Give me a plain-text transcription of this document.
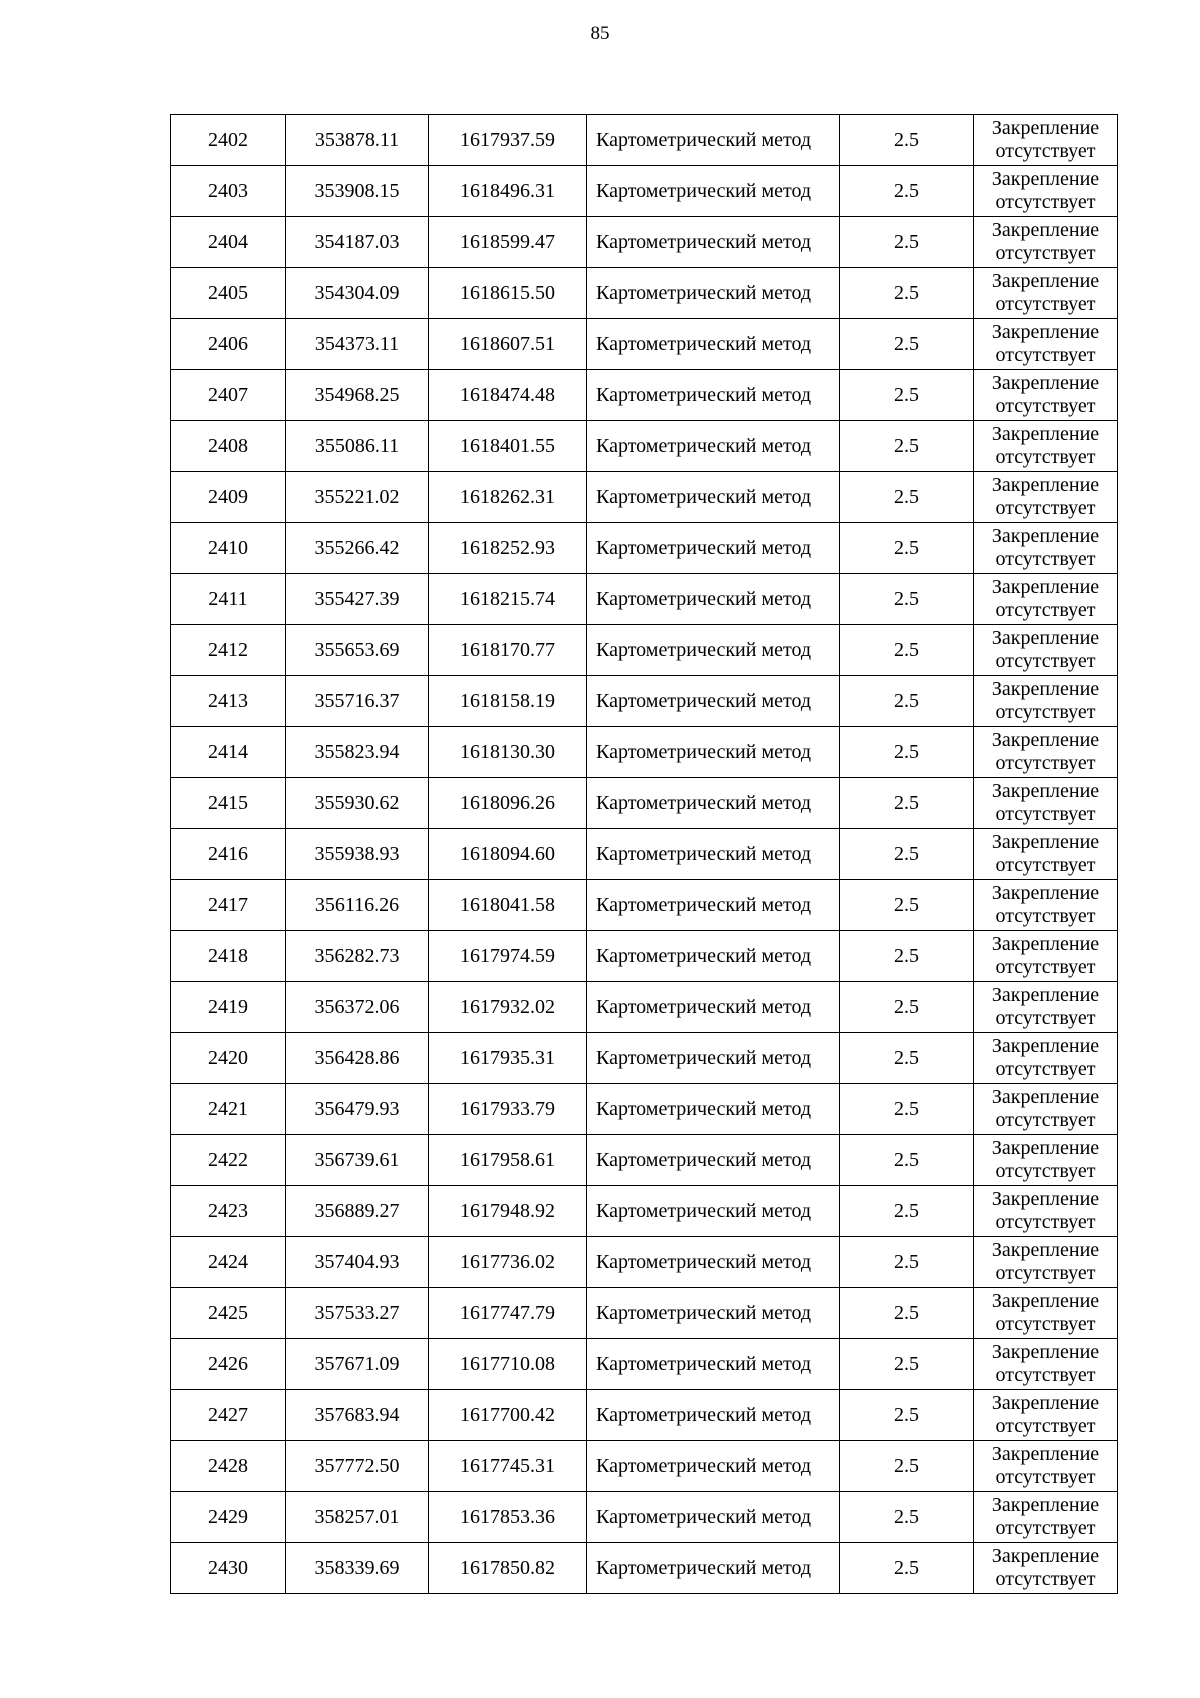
85
2402	353878.11	1617937.59	Картометрический метод	2.5	Закрепление
отсутствует

2403	353908.15	1618496.31	Картометрический метод	2.5	Закрепление
отсутствует

2404	354187.03	1618599.47	Картометрический метод	2.5	Закрепление
отсутствует

2405	354304.09	1618615.50	Картометрический метод	2.5	Закрепление
отсутствует

2406	354373.11	1618607.51	Картометрический метод	2.5	Закрепление
отсутствует

2407	354968.25	1618474.48	Картометрический метод	2.5	Закрепление
отсутствует

2408	355086.11	1618401.55	Картометрический метод	2.5	Закрепление
отсутствует

2409	355221.02	1618262.31	Картометрический метод	2.5	Закрепление
отсутствует

2410	355266.42	1618252.93	Картометрический метод	2.5	Закрепление
отсутствует

2411	355427.39	1618215.74	Картометрический метод	2.5	Закрепление
отсутствует

2412	355653.69	1618170.77	Картометрический метод	2.5	Закрепление
отсутствует

2413	355716.37	1618158.19	Картометрический метод	2.5	Закрепление
отсутствует

2414	355823.94	1618130.30	Картометрический метод	2.5	Закрепление
отсутствует

2415	355930.62	1618096.26	Картометрический метод	2.5	Закрепление
отсутствует

2416	355938.93	1618094.60	Картометрический метод	2.5	Закрепление
отсутствует

2417	356116.26	1618041.58	Картометрический метод	2.5	Закрепление
отсутствует

2418	356282.73	1617974.59	Картометрический метод	2.5	Закрепление
отсутствует

2419	356372.06	1617932.02	Картометрический метод	2.5	Закрепление
отсутствует

2420	356428.86	1617935.31	Картометрический метод	2.5	Закрепление
отсутствует

2421	356479.93	1617933.79	Картометрический метод	2.5	Закрепление
отсутствует

2422	356739.61	1617958.61	Картометрический метод	2.5	Закрепление
отсутствует

2423	356889.27	1617948.92	Картометрический метод	2.5	Закрепление
отсутствует

2424	357404.93	1617736.02	Картометрический метод	2.5	Закрепление
отсутствует

2425	357533.27	1617747.79	Картометрический метод	2.5	Закрепление
отсутствует

2426	357671.09	1617710.08	Картометрический метод	2.5	Закрепление
отсутствует

2427	357683.94	1617700.42	Картометрический метод	2.5	Закрепление
отсутствует

2428	357772.50	1617745.31	Картометрический метод	2.5	Закрепление
отсутствует

2429	358257.01	1617853.36	Картометрический метод	2.5	Закрепление
отсутствует

2430	358339.69	1617850.82	Картометрический метод	2.5	Закрепление
отсутствует
